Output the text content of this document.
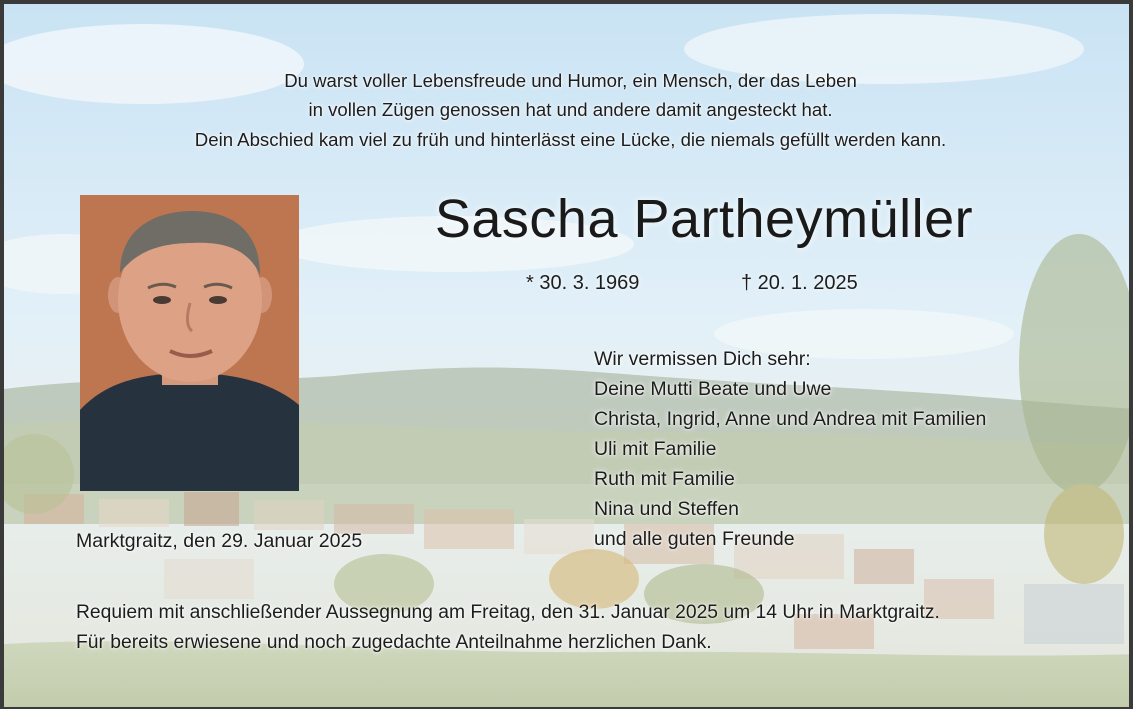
Du warst voller Lebensfreude und Humor, ein Mensch, der das Leben

in vollen Zügen genossen hat und andere damit angesteckt hat.

Dein Abschied kam viel zu früh und hinterlässt eine Lücke, die niemals gefüllt werden kann.

Sascha Partheymüller
* 30. 3. 1969	† 20. 1. 2025
Wir vermissen Dich sehr:
Deine Mutti Beate und Uwe
Christa, Ingrid, Anne und Andrea mit Familien
Uli mit Familie
Ruth mit Familie
Nina und Steffen
und alle guten Freunde
Marktgraitz, den 29. Januar 2025
Requiem mit anschließender Aussegnung am Freitag, den 31. Januar 2025 um 14 Uhr in Marktgraitz.
Für bereits erwiesene und noch zugedachte Anteilnahme herzlichen Dank.
